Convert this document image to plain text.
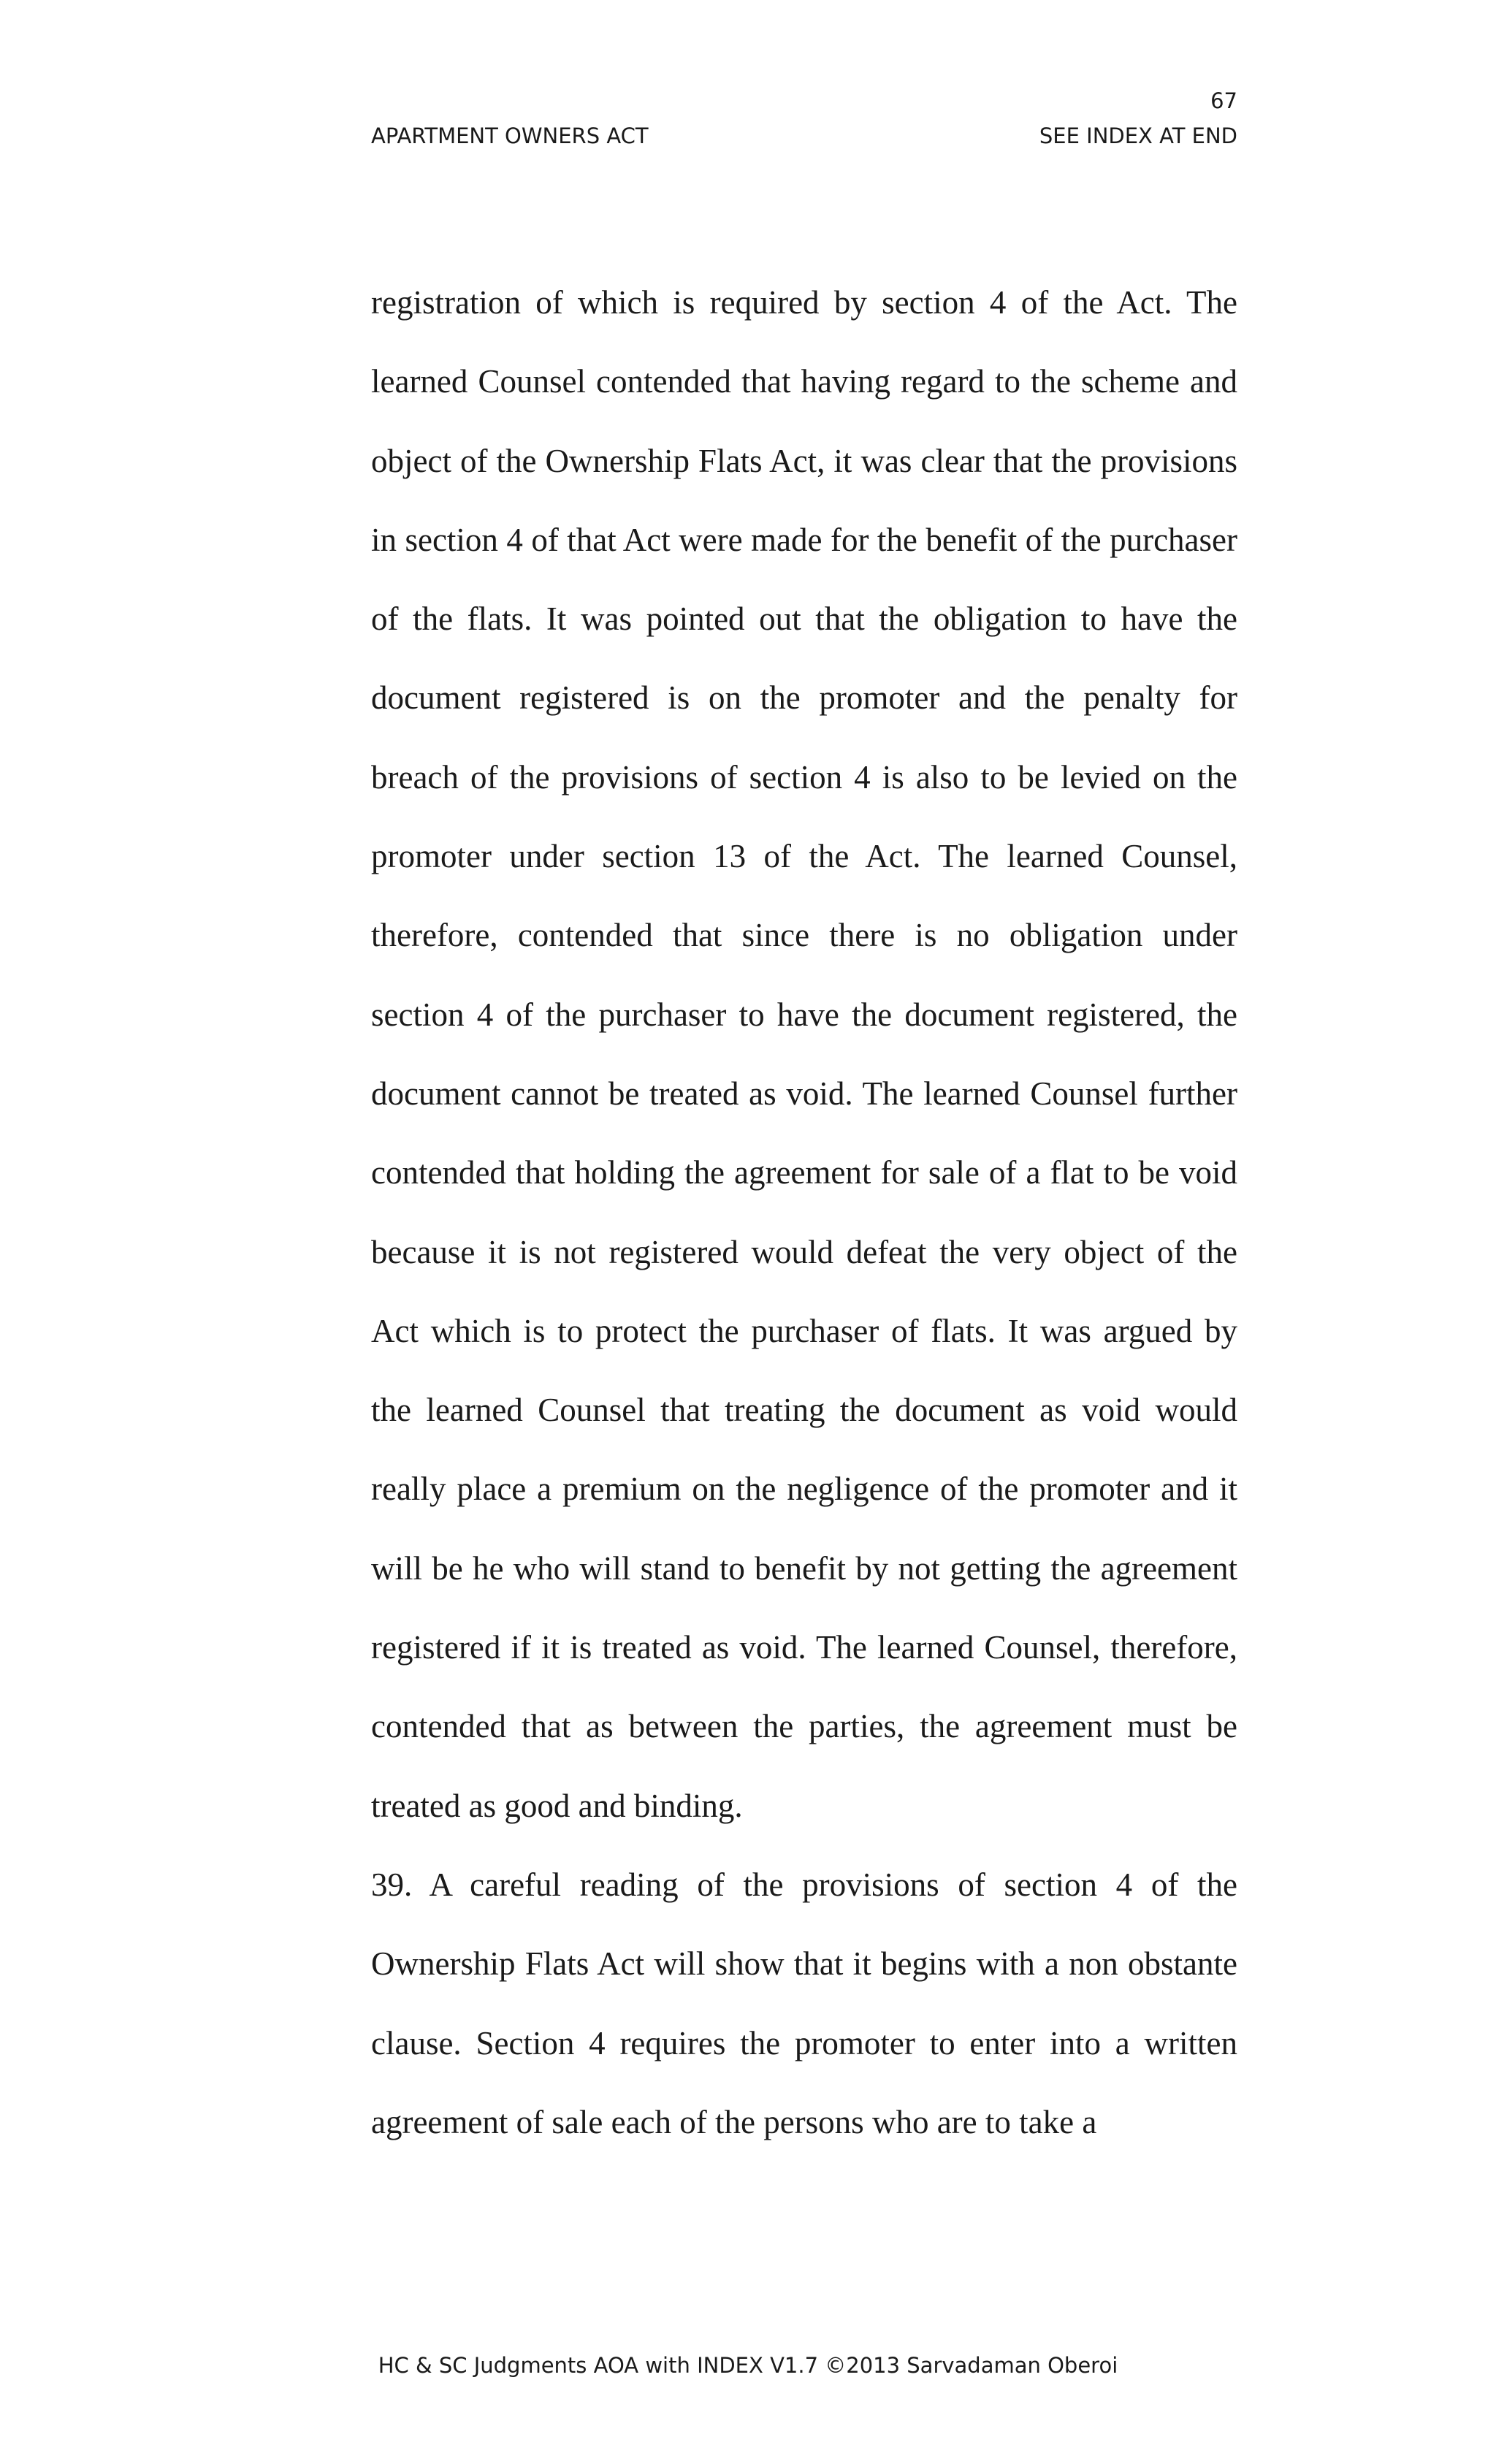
67
APARTMENT OWNERS ACT	SEE INDEX AT END

registration of which is required by section 4 of the Act. The learned Counsel contended that having regard to the scheme and object of the Ownership Flats Act, it was clear that the provisions in section 4 of that Act were made for the benefit of the purchaser of the flats. It was pointed out that the obligation to have the document registered is on the promoter and the penalty for breach of the provisions of section 4 is also to be levied on the promoter under section 13 of the Act. The learned Counsel, therefore, contended that since there is no obligation under section 4 of the purchaser to have the document registered, the document cannot be treated as void. The learned Counsel further contended that holding the agreement for sale of a flat to be void because it is not registered would defeat the very object of the Act which is to protect the purchaser of flats. It was argued by the learned Counsel that treating the document as void would really place a premium on the negligence of the promoter and it will be he who will stand to benefit by not getting the agreement registered if it is treated as void. The learned Counsel, therefore, contended that as between the parties, the agreement must be treated as good and binding.

39. A careful reading of the provisions of section 4 of the Ownership Flats Act will show that it begins with a non obstante clause. Section 4 requires the promoter to enter into a written agreement of sale each of the persons who are to take a

HC & SC Judgments AOA with INDEX V1.7 ©2013 Sarvadaman Oberoi
